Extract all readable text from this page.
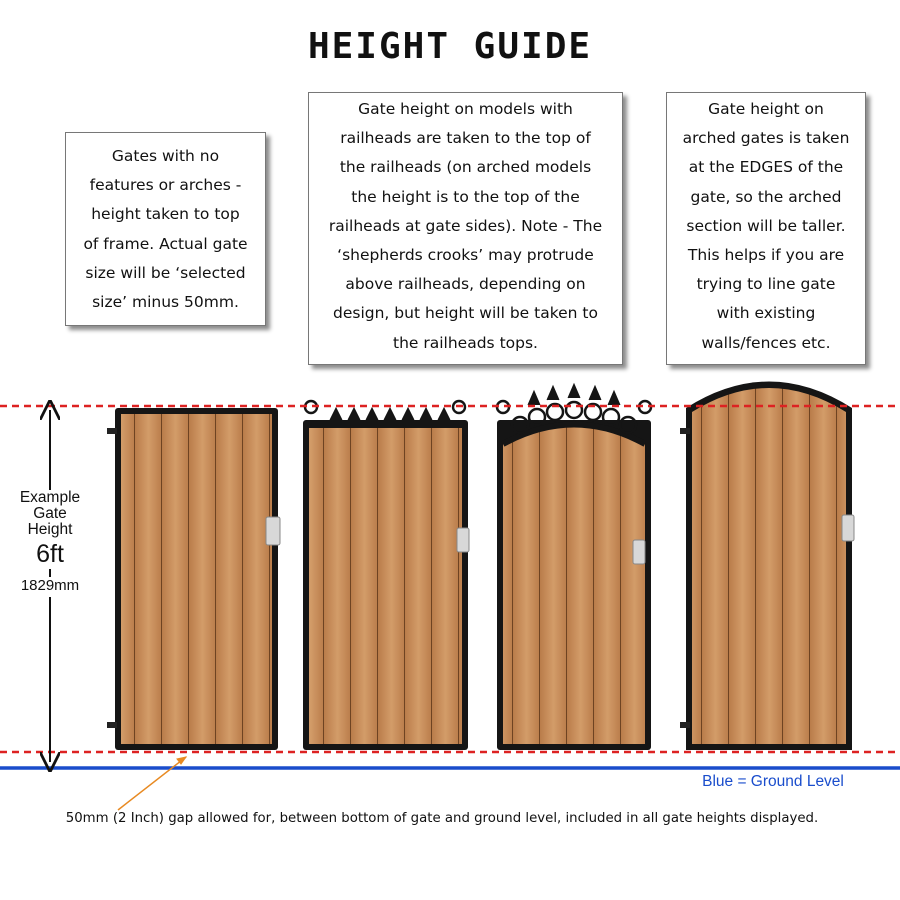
HEIGHT GUIDE
Gates with no
features or arches -
height taken to top
of frame. Actual gate
size will be ‘selected
size’ minus 50mm.
Gate height on models with
railheads are taken to the top of
the railheads (on arched models
the height is to the top of the
railheads at gate sides). Note - The
‘shepherds crooks’ may protrude
above railheads, depending on
design, but height will be taken to
the railheads tops.
Gate height on
arched gates is taken
at the EDGES of the
gate, so the arched
section will be taller.
This helps if you are
trying to line gate
with existing
walls/fences etc.
Example
Gate
Height
6ft
1829mm
Blue = Ground Level
50mm (2 Inch) gap allowed for, between bottom of gate and ground level, included in all gate heights displayed.
